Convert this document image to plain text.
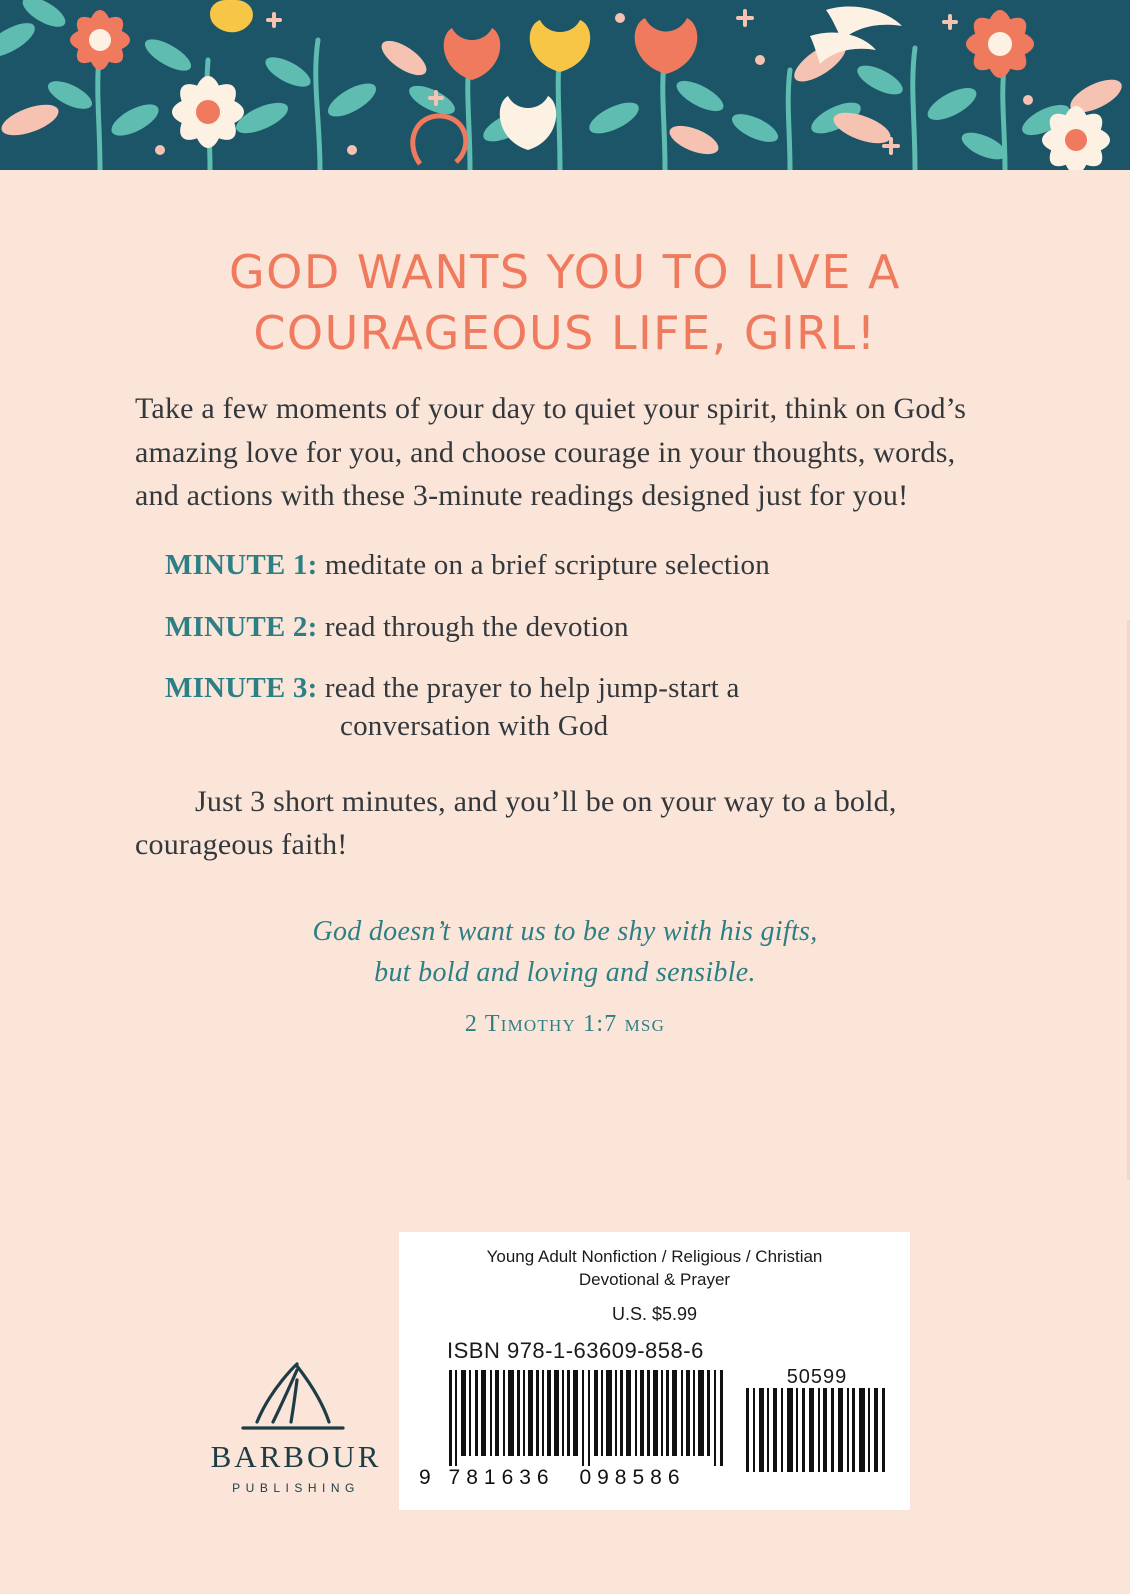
GOD WANTS YOU TO LIVE A
COURAGEOUS LIFE, GIRL!

Take a few moments of your day to quiet your spirit, think on God’s amazing love for you, and choose courage in your thoughts, words, and actions with these 3-minute readings designed just for you!

MINUTE 1: meditate on a brief scripture selection
MINUTE 2: read through the devotion
MINUTE 3: read the prayer to help jump-start a
conversation with God

Just 3 short minutes, and you’ll be on your way to a bold, courageous faith!

God doesn’t want us to be shy with his gifts,
but bold and loving and sensible.
2 Timothy 1:7 msg
BARBOUR
PUBLISHING
Young Adult Nonfiction / Religious / Christian
Devotional & Prayer
U.S. $5.99
ISBN 978-1-63609-858-6
9 781636 098586
50599
